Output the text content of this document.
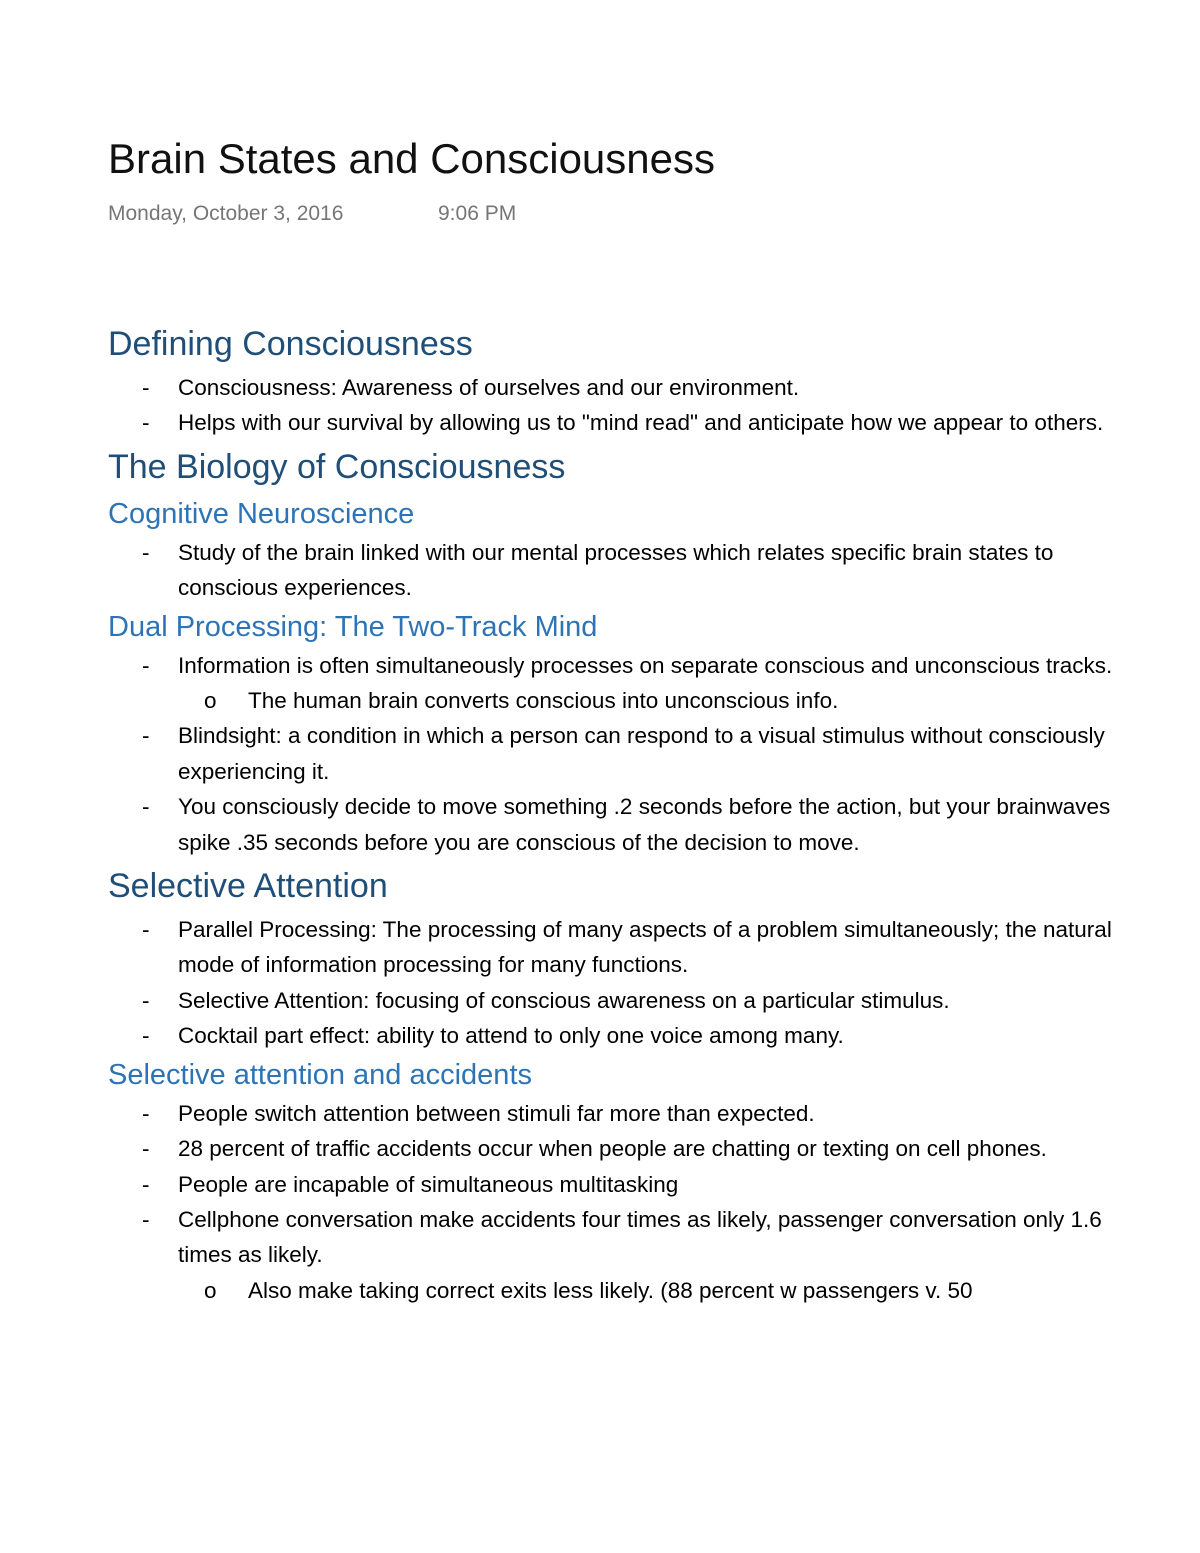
Brain States and Consciousness
Monday, October 3, 2016	9:06 PM
Defining Consciousness
- Consciousness: Awareness of ourselves and our environment.
- Helps with our survival by allowing us to "mind read" and anticipate how we appear to others.
The Biology of Consciousness
Cognitive Neuroscience
- Study of the brain linked with our mental processes which relates specific brain states to conscious experiences.
Dual Processing: The Two-Track Mind
- Information is often simultaneously processes on separate conscious and unconscious tracks.
o The human brain converts conscious into unconscious info.
- Blindsight: a condition in which a person can respond to a visual stimulus without consciously experiencing it.
- You consciously decide to move something .2 seconds before the action, but your brainwaves spike .35 seconds before you are conscious of the decision to move.
Selective Attention
- Parallel Processing: The processing of many aspects of a problem simultaneously; the natural mode of information processing for many functions.
- Selective Attention: focusing of conscious awareness on a particular stimulus.
- Cocktail part effect: ability to attend to only one voice among many.
Selective attention and accidents
- People switch attention between stimuli far more than expected.
- 28 percent of traffic accidents occur when people are chatting or texting on cell phones.
- People are incapable of simultaneous multitasking
- Cellphone conversation make accidents four times as likely, passenger conversation only 1.6 times as likely.
o Also make taking correct exits less likely. (88 percent w passengers v. 50
